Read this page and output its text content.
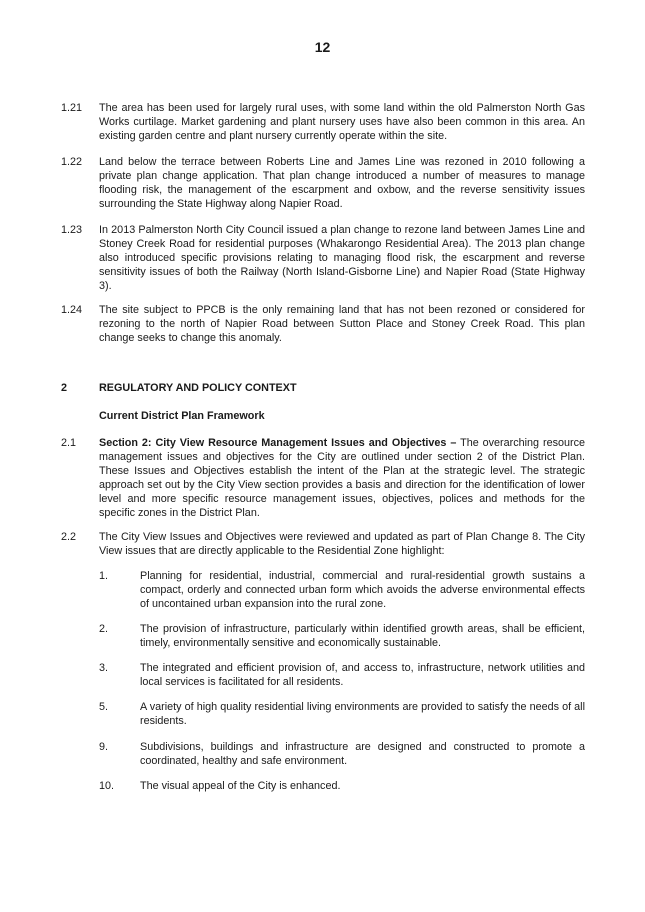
12
1.21 The area has been used for largely rural uses, with some land within the old Palmerston North Gas Works curtilage. Market gardening and plant nursery uses have also been common in this area. An existing garden centre and plant nursery currently operate within the site.
1.22 Land below the terrace between Roberts Line and James Line was rezoned in 2010 following a private plan change application. That plan change introduced a number of measures to manage flooding risk, the management of the escarpment and oxbow, and the reverse sensitivity issues surrounding the State Highway along Napier Road.
1.23 In 2013 Palmerston North City Council issued a plan change to rezone land between James Line and Stoney Creek Road for residential purposes (Whakarongo Residential Area). The 2013 plan change also introduced specific provisions relating to managing flood risk, the escarpment and reverse sensitivity issues of both the Railway (North Island-Gisborne Line) and Napier Road (State Highway 3).
1.24 The site subject to PPCB is the only remaining land that has not been rezoned or considered for rezoning to the north of Napier Road between Sutton Place and Stoney Creek Road. This plan change seeks to change this anomaly.
2	REGULATORY AND POLICY CONTEXT
Current District Plan Framework
2.1 Section 2: City View Resource Management Issues and Objectives – The overarching resource management issues and objectives for the City are outlined under section 2 of the District Plan. These Issues and Objectives establish the intent of the Plan at the strategic level. The strategic approach set out by the City View section provides a basis and direction for the identification of lower level and more specific resource management issues, objectives, polices and methods for the specific zones in the District Plan.
2.2 The City View Issues and Objectives were reviewed and updated as part of Plan Change 8. The City View issues that are directly applicable to the Residential Zone highlight:
1.	Planning for residential, industrial, commercial and rural-residential growth sustains a compact, orderly and connected urban form which avoids the adverse environmental effects of uncontained urban expansion into the rural zone.
2.	The provision of infrastructure, particularly within identified growth areas, shall be efficient, timely, environmentally sensitive and economically sustainable.
3.	The integrated and efficient provision of, and access to, infrastructure, network utilities and local services is facilitated for all residents.
5.	A variety of high quality residential living environments are provided to satisfy the needs of all residents.
9.	Subdivisions, buildings and infrastructure are designed and constructed to promote a coordinated, healthy and safe environment.
10. The visual appeal of the City is enhanced.
